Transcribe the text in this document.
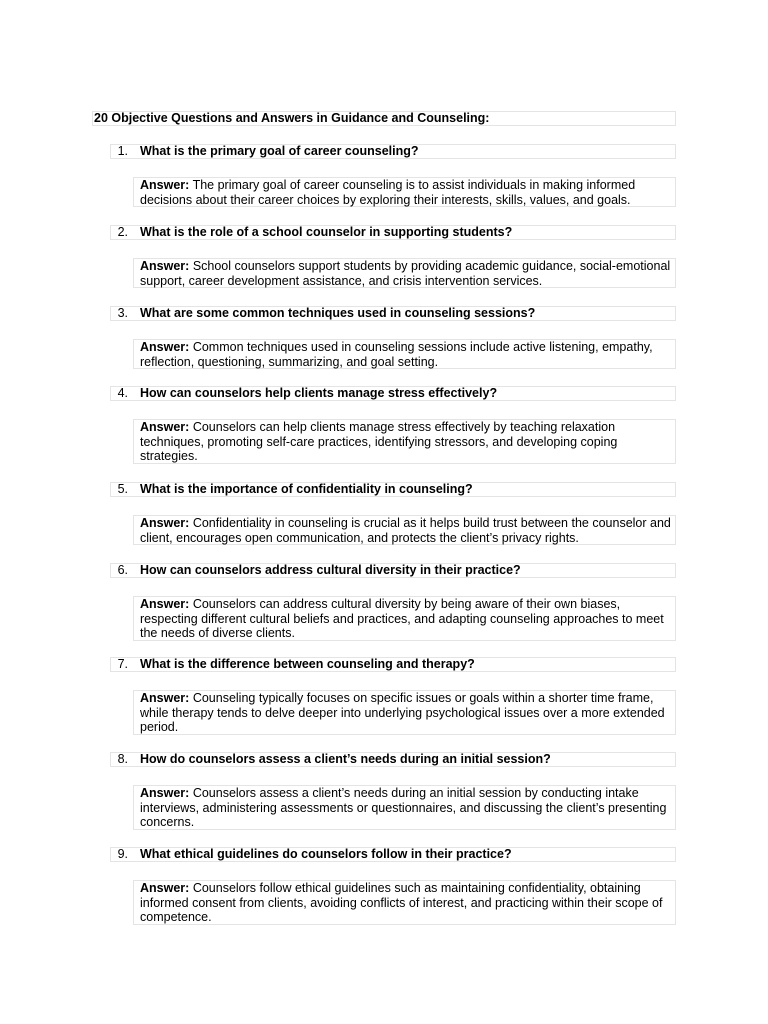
20 Objective Questions and Answers in Guidance and Counseling:
1. What is the primary goal of career counseling?
Answer: The primary goal of career counseling is to assist individuals in making informed decisions about their career choices by exploring their interests, skills, values, and goals.
2. What is the role of a school counselor in supporting students?
Answer: School counselors support students by providing academic guidance, social-emotional support, career development assistance, and crisis intervention services.
3. What are some common techniques used in counseling sessions?
Answer: Common techniques used in counseling sessions include active listening, empathy, reflection, questioning, summarizing, and goal setting.
4. How can counselors help clients manage stress effectively?
Answer: Counselors can help clients manage stress effectively by teaching relaxation techniques, promoting self-care practices, identifying stressors, and developing coping strategies.
5. What is the importance of confidentiality in counseling?
Answer: Confidentiality in counseling is crucial as it helps build trust between the counselor and client, encourages open communication, and protects the client’s privacy rights.
6. How can counselors address cultural diversity in their practice?
Answer: Counselors can address cultural diversity by being aware of their own biases, respecting different cultural beliefs and practices, and adapting counseling approaches to meet the needs of diverse clients.
7. What is the difference between counseling and therapy?
Answer: Counseling typically focuses on specific issues or goals within a shorter time frame, while therapy tends to delve deeper into underlying psychological issues over a more extended period.
8. How do counselors assess a client’s needs during an initial session?
Answer: Counselors assess a client’s needs during an initial session by conducting intake interviews, administering assessments or questionnaires, and discussing the client’s presenting concerns.
9. What ethical guidelines do counselors follow in their practice?
Answer: Counselors follow ethical guidelines such as maintaining confidentiality, obtaining informed consent from clients, avoiding conflicts of interest, and practicing within their scope of competence.
